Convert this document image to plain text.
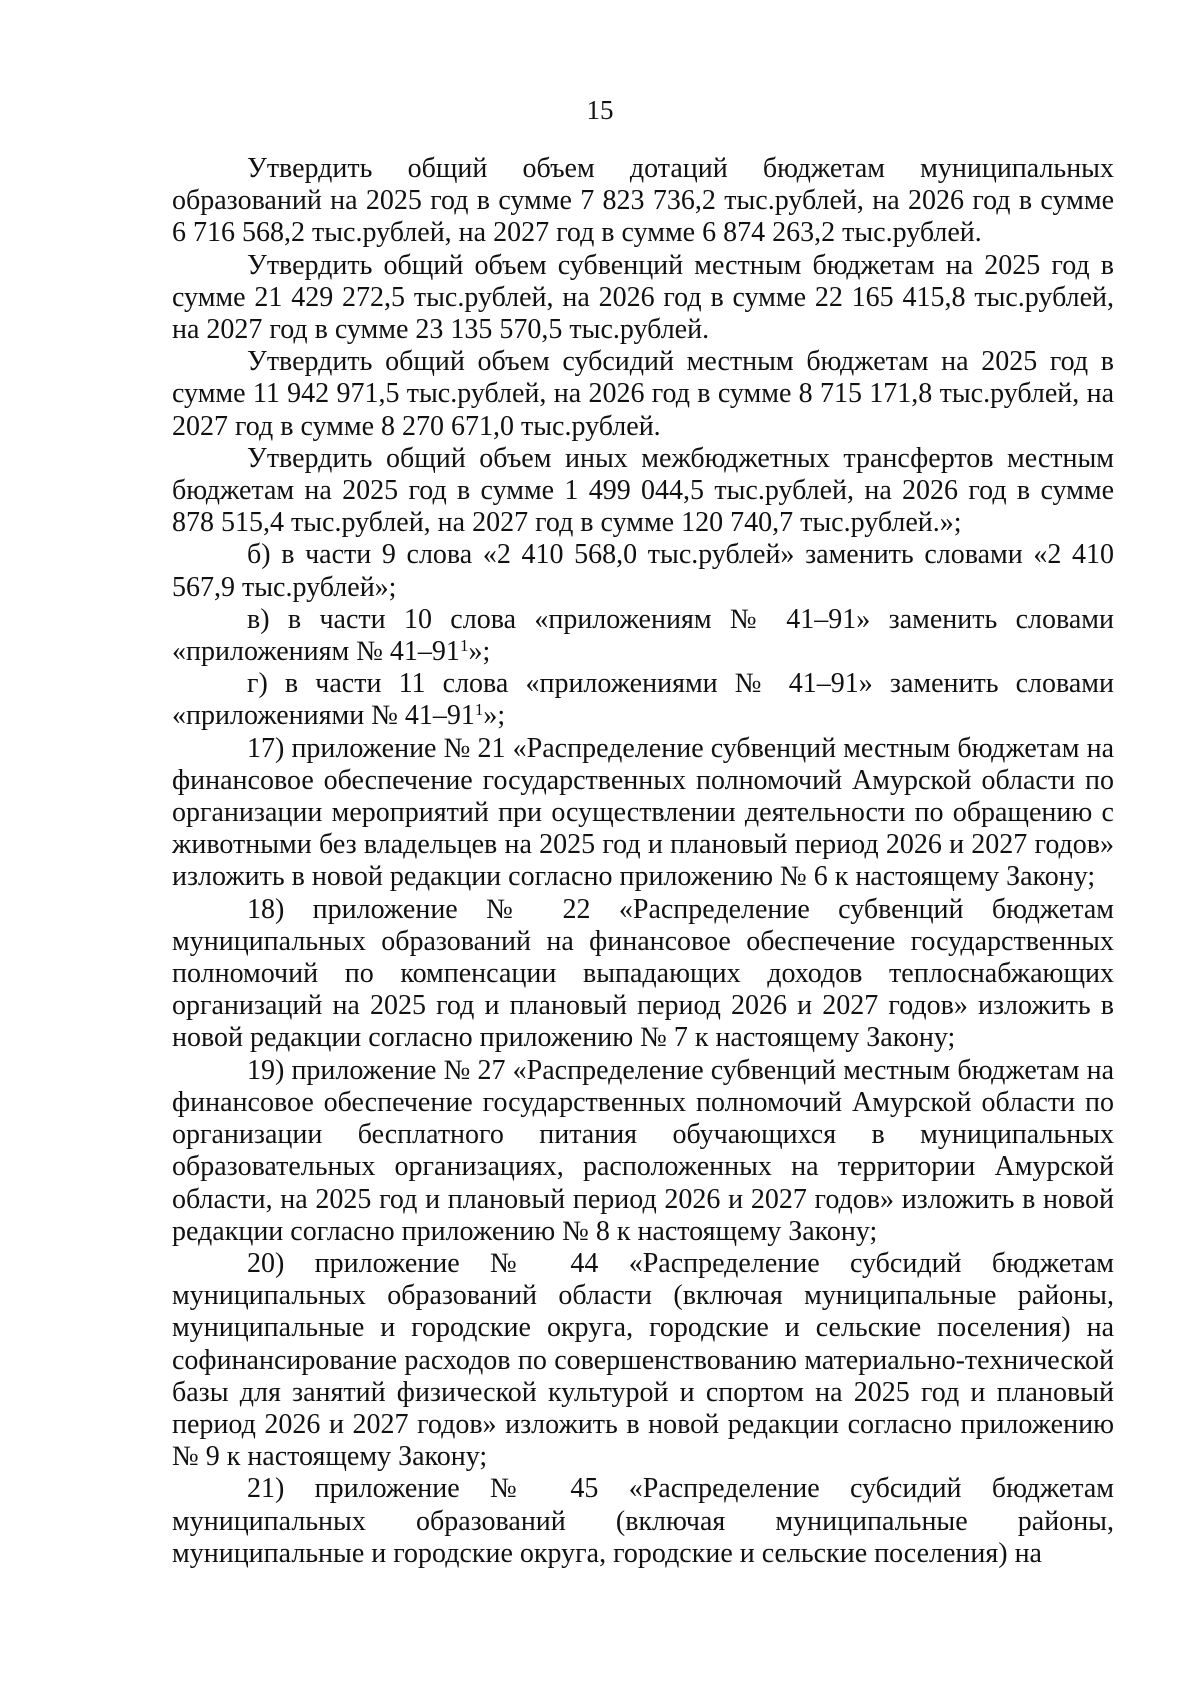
15

Утвердить общий объем дотаций бюджетам муниципальных образований на 2025 год в сумме 7 823 736,2 тыс.рублей, на 2026 год в сумме 6 716 568,2 тыс.рублей, на 2027 год в сумме 6 874 263,2 тыс.рублей.

Утвердить общий объем субвенций местным бюджетам на 2025 год в сумме 21 429 272,5 тыс.рублей, на 2026 год в сумме 22 165 415,8 тыс.рублей, на 2027 год в сумме 23 135 570,5 тыс.рублей.

Утвердить общий объем субсидий местным бюджетам на 2025 год в сумме 11 942 971,5 тыс.рублей, на 2026 год в сумме 8 715 171,8 тыс.рублей, на 2027 год в сумме 8 270 671,0 тыс.рублей.

Утвердить общий объем иных межбюджетных трансфертов местным бюджетам на 2025 год в сумме 1 499 044,5 тыс.рублей, на 2026 год в сумме 878 515,4 тыс.рублей, на 2027 год в сумме 120 740,7 тыс.рублей.»;

б) в части 9 слова «2 410 568,0 тыс.рублей» заменить словами «2 410 567,9 тыс.рублей»;

в) в части 10 слова «приложениям № 41–91» заменить словами «приложениям № $41-91^1$»;

г) в части 11 слова «приложениями № 41–91» заменить словами «приложениями № $41-91^1$»;

17) приложение № 21 «Распределение субвенций местным бюджетам на финансовое обеспечение государственных полномочий Амурской области по организации мероприятий при осуществлении деятельности по обращению с животными без владельцев на 2025 год и плановый период 2026 и 2027 годов» изложить в новой редакции согласно приложению № 6 к настоящему Закону;

18) приложение № 22 «Распределение субвенций бюджетам муниципальных образований на финансовое обеспечение государственных полномочий по компенсации выпадающих доходов теплоснабжающих организаций на 2025 год и плановый период 2026 и 2027 годов» изложить в новой редакции согласно приложению № 7 к настоящему Закону;

19) приложение № 27 «Распределение субвенций местным бюджетам на финансовое обеспечение государственных полномочий Амурской области по организации бесплатного питания обучающихся в муниципальных образовательных организациях, расположенных на территории Амурской области, на 2025 год и плановый период 2026 и 2027 годов» изложить в новой редакции согласно приложению № 8 к настоящему Закону;

20) приложение № 44 «Распределение субсидий бюджетам муниципальных образований области (включая муниципальные районы, муниципальные и городские округа, городские и сельские поселения) на софинансирование расходов по совершенствованию материально-технической базы для занятий физической культурой и спортом на 2025 год и плановый период 2026 и 2027 годов» изложить в новой редакции согласно приложению № 9 к настоящему Закону;

21) приложение № 45 «Распределение субсидий бюджетам муниципальных образований (включая муниципальные районы, муниципальные и городские округа, городские и сельские поселения) на
